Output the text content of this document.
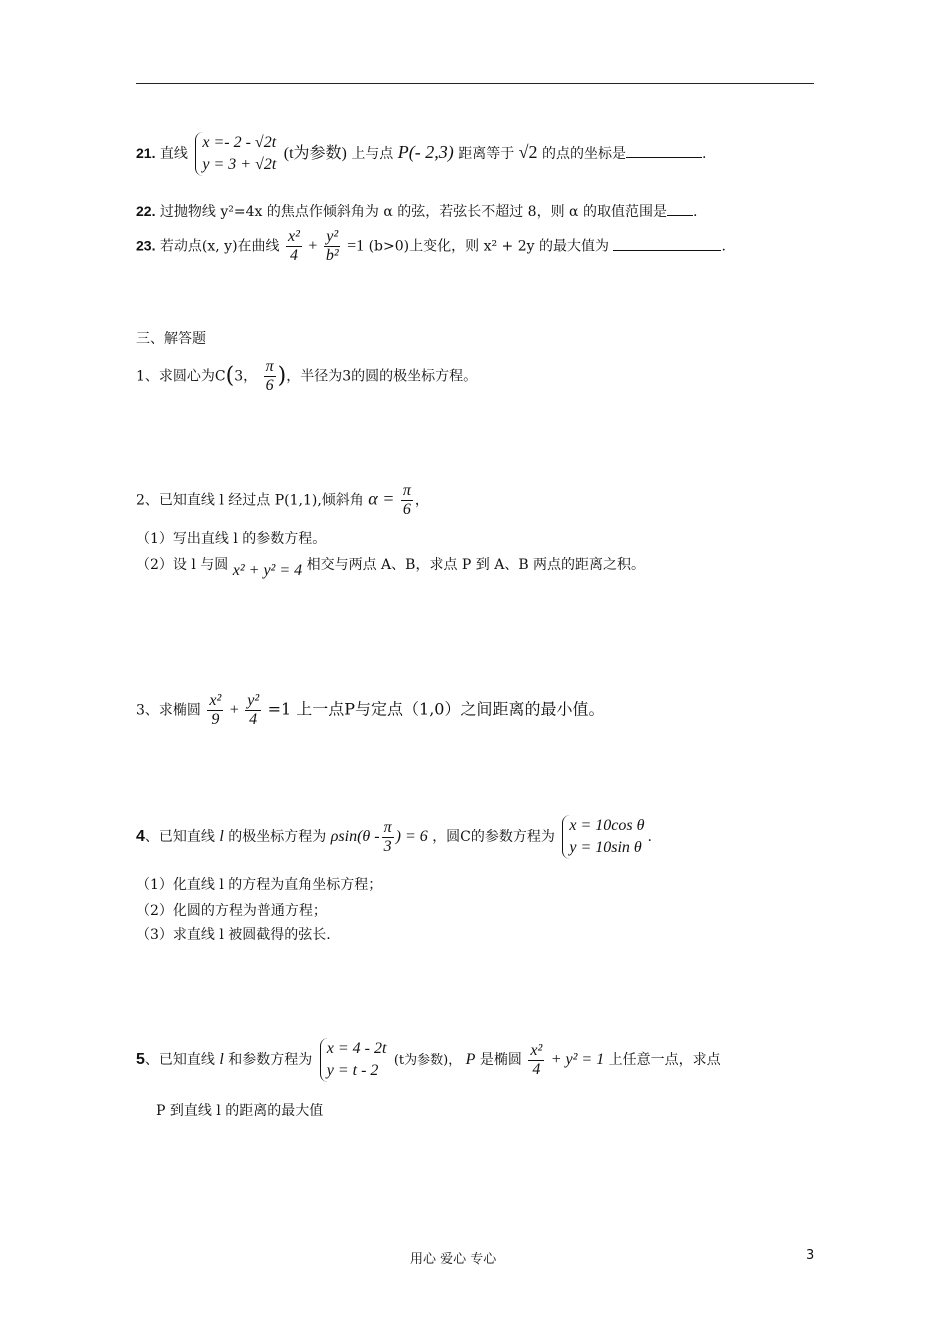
21. 直线
x =- 2 - √2t
y = 3 + √2t
(t为参数) 上与点 P(- 2,3) 距离等于 √2 的点的坐标是	.
22. 过抛物线 y²=4x 的焦点作倾斜角为 α 的弦，若弦长不超过 8，则 α 的取值范围是 .
23. 若动点(x, y)在曲线 $\frac{\text{x²}}{4} + \frac{\text{y²}}{\text{b²}} =1$ (b>0)上变化，则 x² + 2y 的最大值为	.
三、解答题
1、求圆心为C(3， $\frac{\pi}{6}$ )，半径为3的圆的极坐标方程。
2、已知直线 l 经过点 P(1,1),倾斜角 $\alpha = \frac{\pi}{6}$ ，
（1）写出直线 l 的参数方程。
（2）设 l 与圆 x² + y² = 4 相交与两点 A、B，求点 P 到 A、B 两点的距离之积。
3、求椭圆 $\frac{\text{x²}}{9} + \frac{\text{y²}}{4} =1$ 上一点P与定点（1,0）之间距离的最小值。
4、已知直线 l 的极坐标方程为 $\rho\sin(\theta - \frac{\pi}{3}$ ) = 6 ，圆C的参数方程为
x = 10cos θ
y = 10sin θ
.
（1）化直线 l 的方程为直角坐标方程；
（2）化圆的方程为普通方程；
（3）求直线 l 被圆截得的弦长.
5、已知直线 l 和参数方程为
x = 4 - 2t
y = t - 2
(t为参数)， P 是椭圆 $\frac{\text{x²}}{4} + y^2 = 1$ 上任意一点，求点
P 到直线 l 的距离的最大值
用心 爱心 专心	3
